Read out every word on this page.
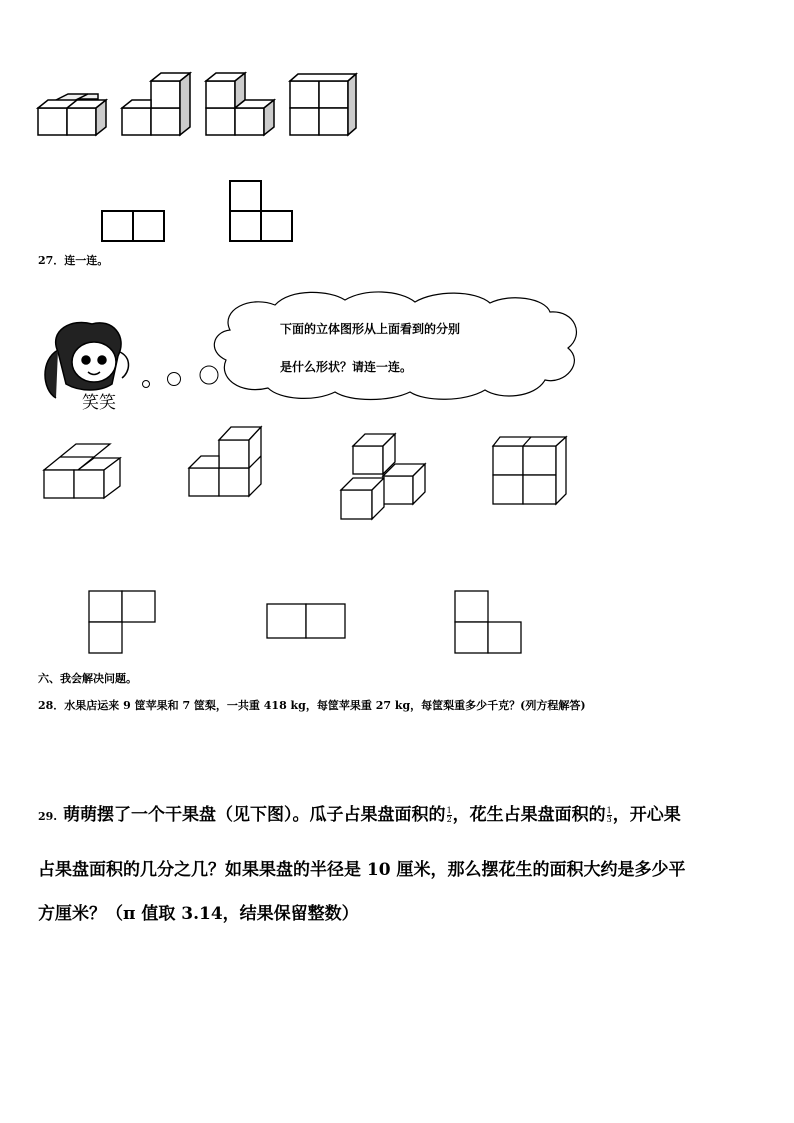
27．连一连。
笑笑
下面的立体图形从上面看到的分别
是什么形状？请连一连。
六、我会解决问题。
28．水果店运来 9 筐苹果和 7 筐梨，一共重 418 kg，每筐苹果重 27 kg，每筐梨重多少千克？(列方程解答)
29. 萌萌摆了一个干果盘（见下图）。瓜子占果盘面积的 $\frac{1}{2}$ ，花生占果盘面积的 $\frac{1}{3}$ ，开心果
占果盘面积的几分之几？如果果盘的半径是 10 厘米，那么摆花生的面积大约是多少平
方厘米？（π 值取 3.14，结果保留整数）
